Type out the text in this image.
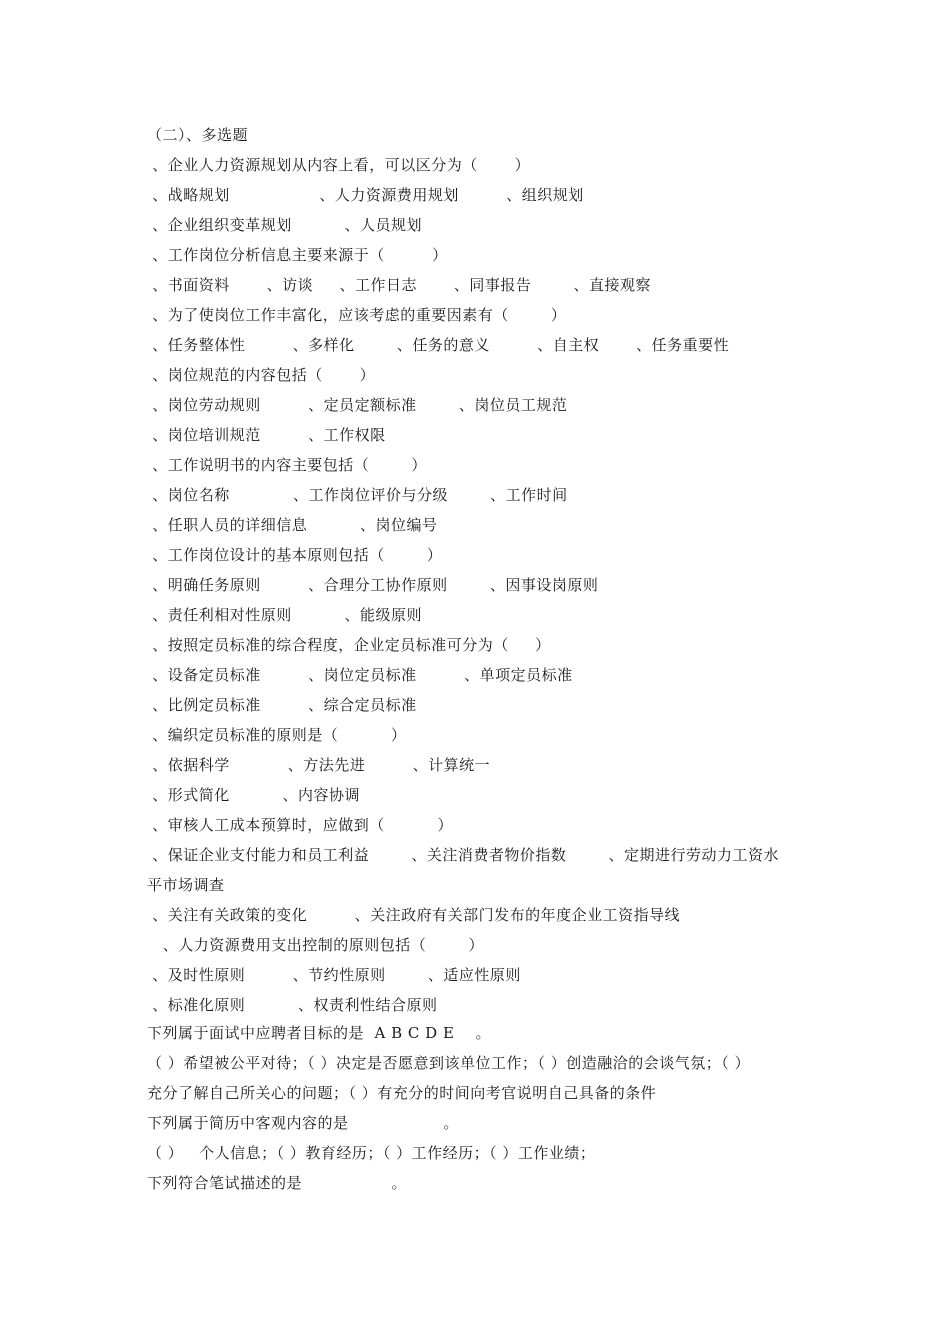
（二）、多选题
、企业人力资源规划从内容上看，可以区分为（       ）
、战略规划                 、人力资源费用规划         、组织规划
、企业组织变革规划          、人员规划
、工作岗位分析信息主要来源于（         ）
、书面资料       、访谈     、工作日志       、同事报告        、直接观察
、为了使岗位工作丰富化，应该考虑的重要因素有（        ）
、任务整体性         、多样化        、任务的意义         、自主权       、任务重要性
、岗位规范的内容包括（       ）
、岗位劳动规则         、定员定额标准        、岗位员工规范
、岗位培训规范         、工作权限
、工作说明书的内容主要包括（        ）
、岗位名称            、工作岗位评价与分级        、工作时间
、任职人员的详细信息          、岗位编号
、工作岗位设计的基本原则包括（        ）
、明确任务原则         、合理分工协作原则        、因事设岗原则
、责任利相对性原则          、能级原则
、按照定员标准的综合程度，企业定员标准可分为（     ）
、设备定员标准         、岗位定员标准         、单项定员标准
、比例定员标准         、综合定员标准
、编织定员标准的原则是（          ）
、依据科学           、方法先进         、计算统一
、形式简化          、内容协调
、审核人工成本预算时，应做到（          ）
、保证企业支付能力和员工利益        、关注消费者物价指数        、定期进行劳动力工资水
平市场调查
、关注有关政策的变化         、关注政府有关部门发布的年度企业工资指导线
、人力资源费用支出控制的原则包括（        ）
、及时性原则         、节约性原则        、适应性原则
、标准化原则          、权责利性结合原则
下列属于面试中应聘者目标的是  A B C D E    。
（ ）希望被公平对待；（ ）决定是否愿意到该单位工作；（ ）创造融洽的会谈气氛；（ ）
充分了解自己所关心的问题；（ ）有充分的时间向考官说明自己具备的条件
下列属于简历中客观内容的是                  。
（ ）   个人信息；（ ）教育经历；（ ）工作经历；（ ）工作业绩；
下列符合笔试描述的是                 。
